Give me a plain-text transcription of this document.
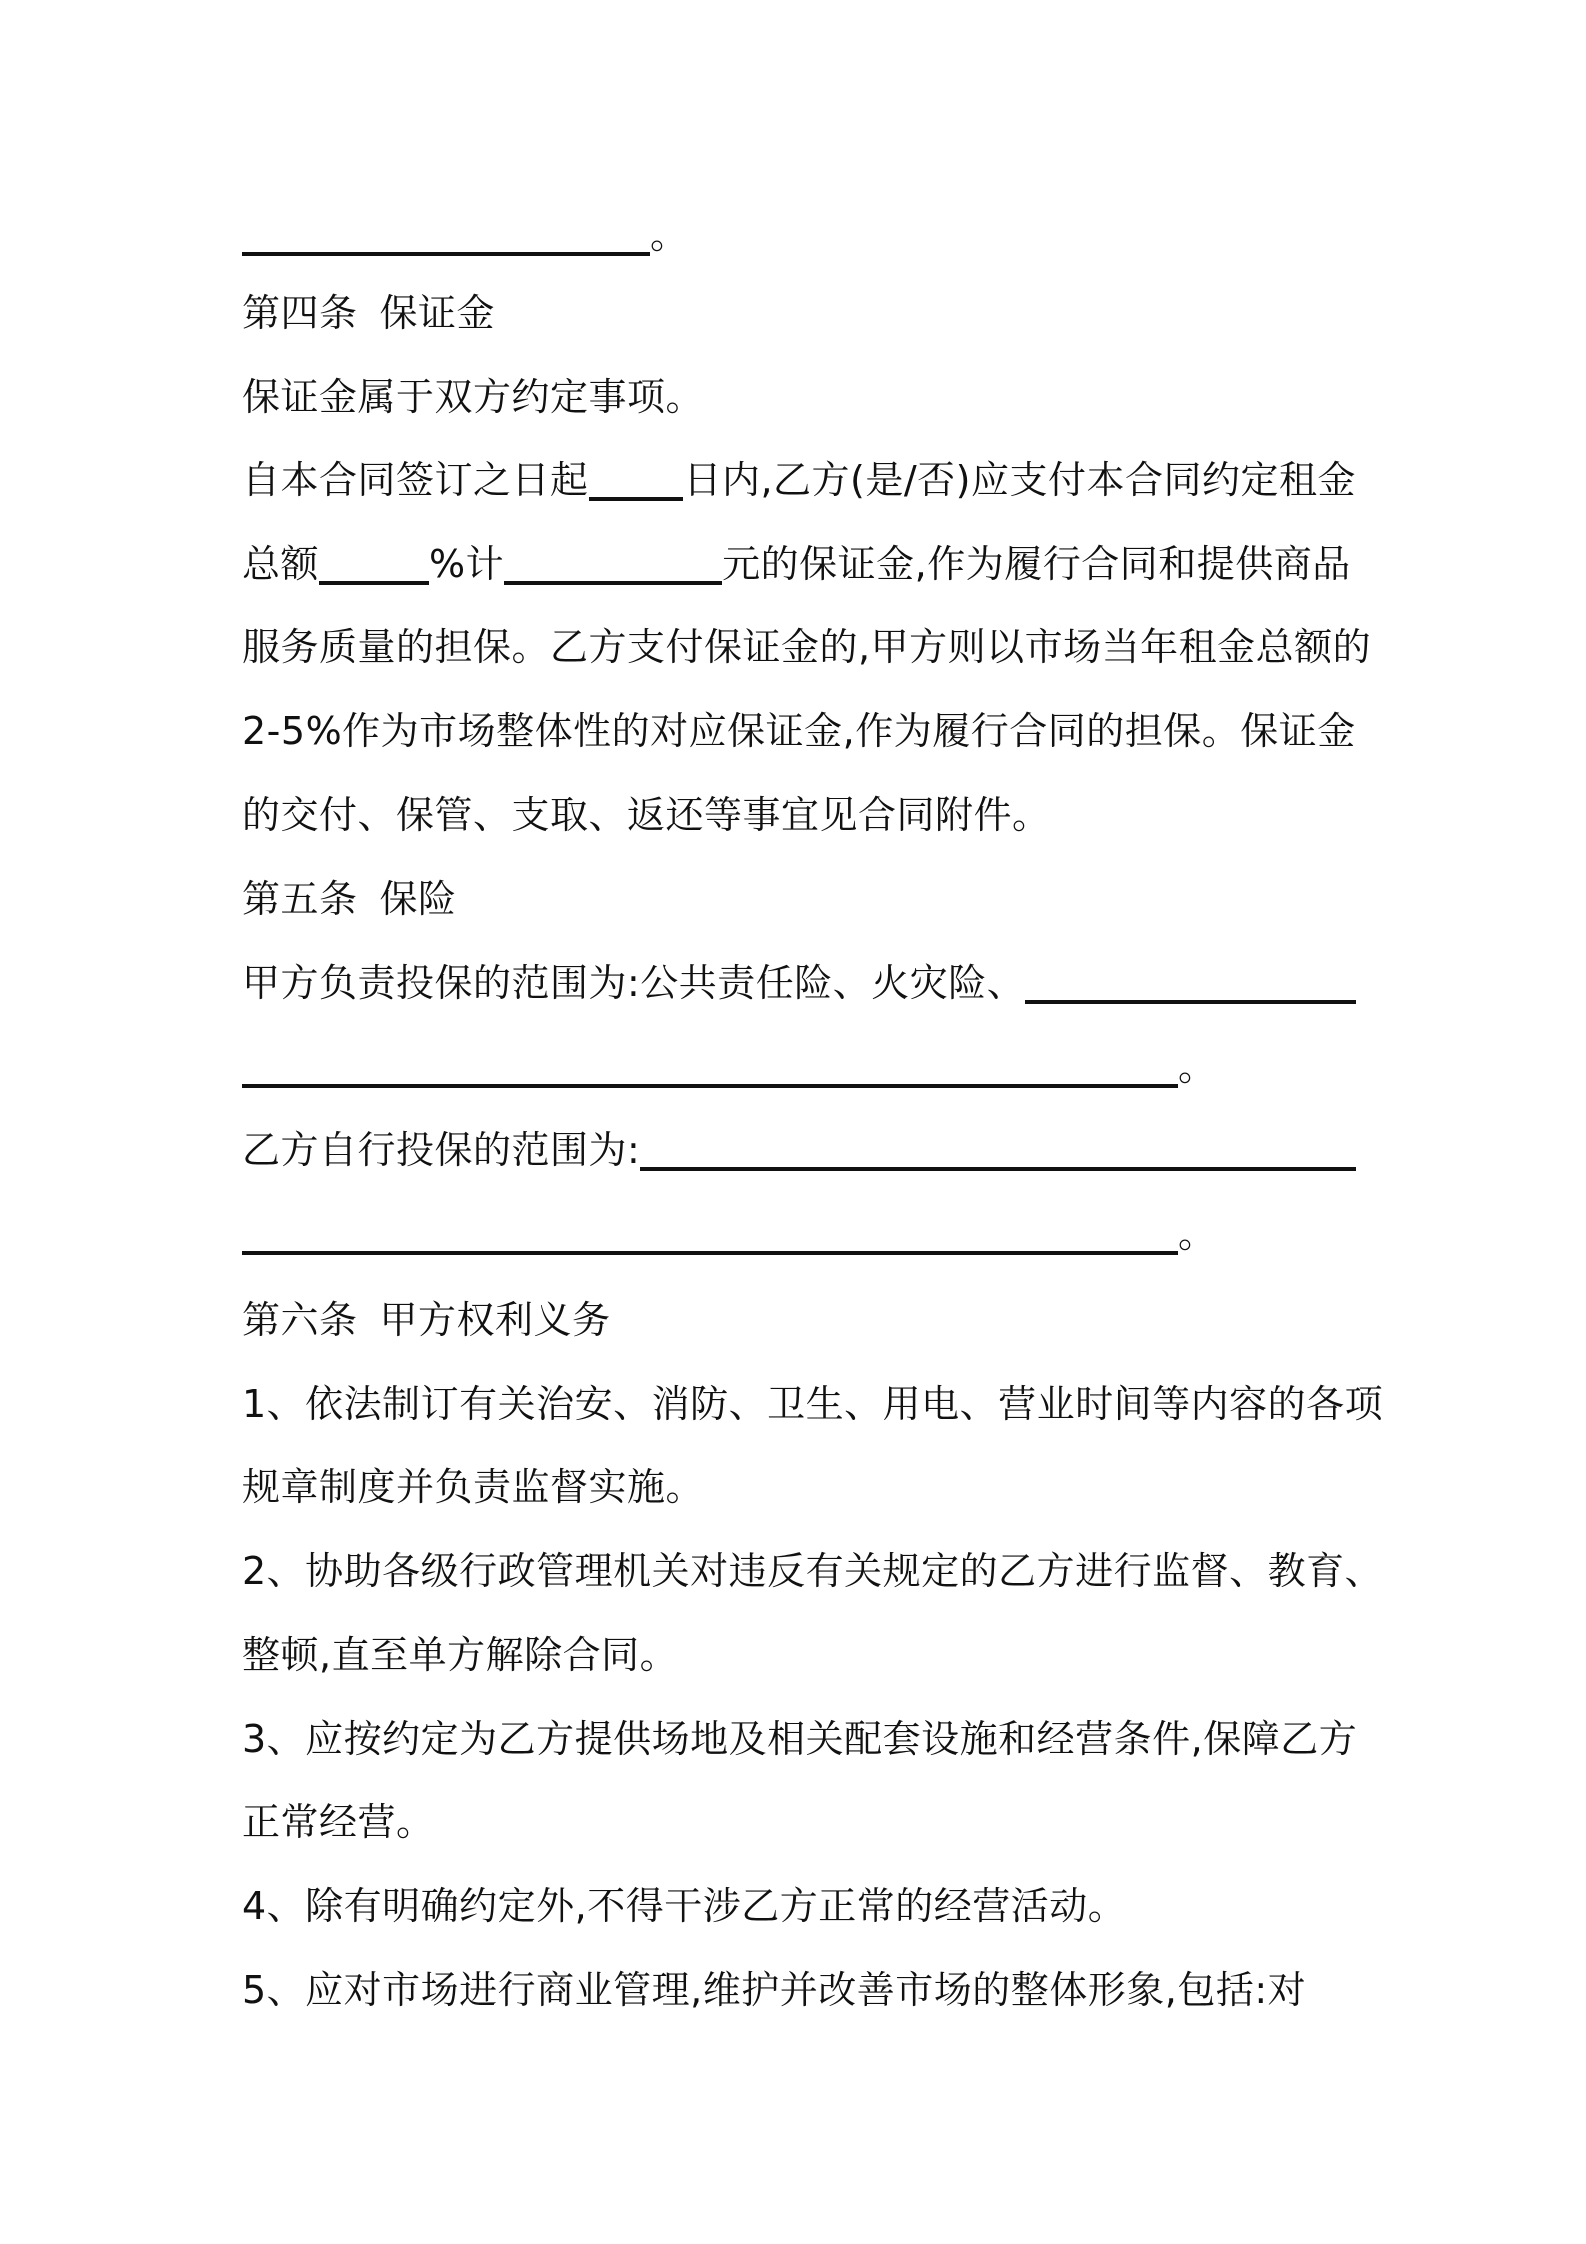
。
第四条 保证金
保证金属于双方约定事项。
自本合同签订之日起 日内,乙方(是/否)应支付本合同约定租金
总额	%计	元的保证金,作为履行合同和提供商品
服务质量的担保。乙方支付保证金的,甲方则以市场当年租金总额的
2-5%作为市场整体性的对应保证金,作为履行合同的担保。保证金
的交付、保管、支取、返还等事宜见合同附件。
第五条 保险
甲方负责投保的范围为:公共责任险、火灾险、
。
乙方自行投保的范围为:
。
第六条 甲方权利义务
1、依法制订有关治安、消防、卫生、用电、营业时间等内容的各项
规章制度并负责监督实施。
2、协助各级行政管理机关对违反有关规定的乙方进行监督、教育、
整顿,直至单方解除合同。
3、应按约定为乙方提供场地及相关配套设施和经营条件,保障乙方
正常经营。
4、除有明确约定外,不得干涉乙方正常的经营活动。
5、应对市场进行商业管理,维护并改善市场的整体形象,包括:对
